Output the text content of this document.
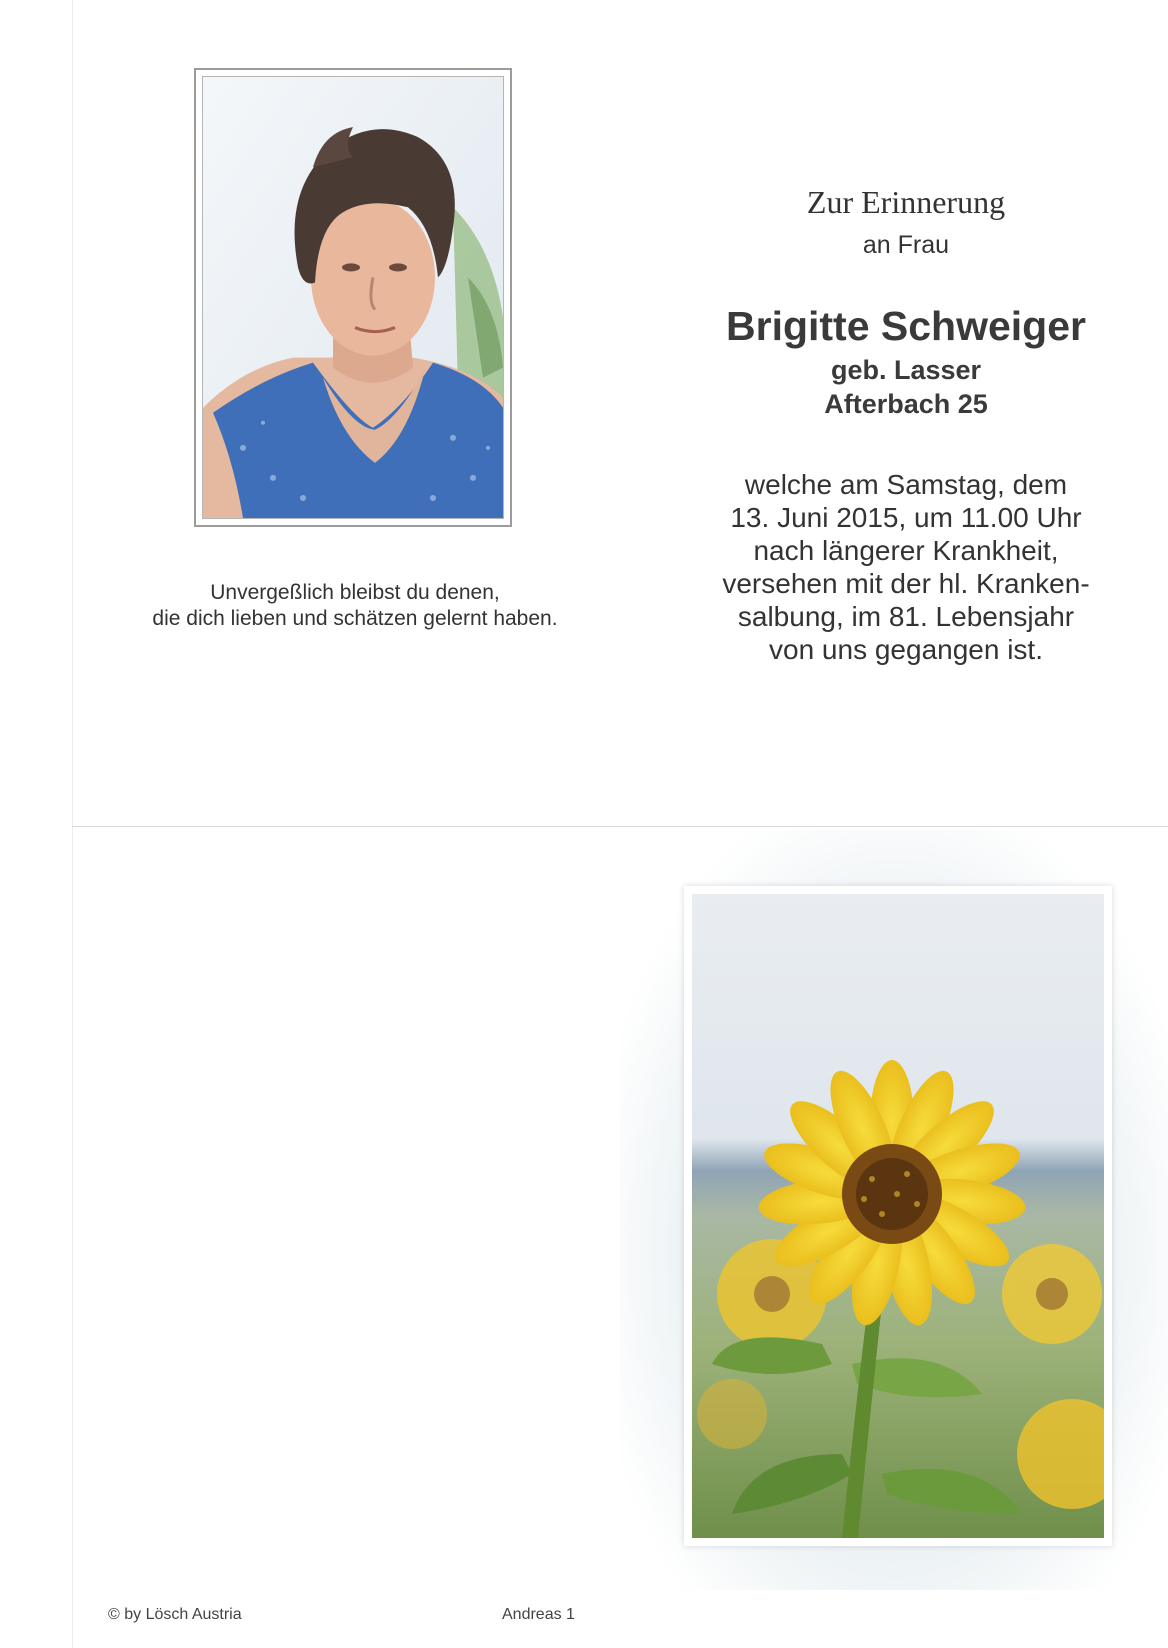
Unvergeßlich bleibst du denen,
die dich lieben und schätzen gelernt haben.
Zur Erinnerung
an Frau
Brigitte Schweiger
geb. Lasser
Afterbach 25
welche am Samstag, dem
13. Juni 2015, um 11.00 Uhr
nach längerer Krankheit,
versehen mit der hl. Kranken-
salbung, im 81. Lebensjahr
von uns gegangen ist.
© by Lösch Austria	Andreas 1
